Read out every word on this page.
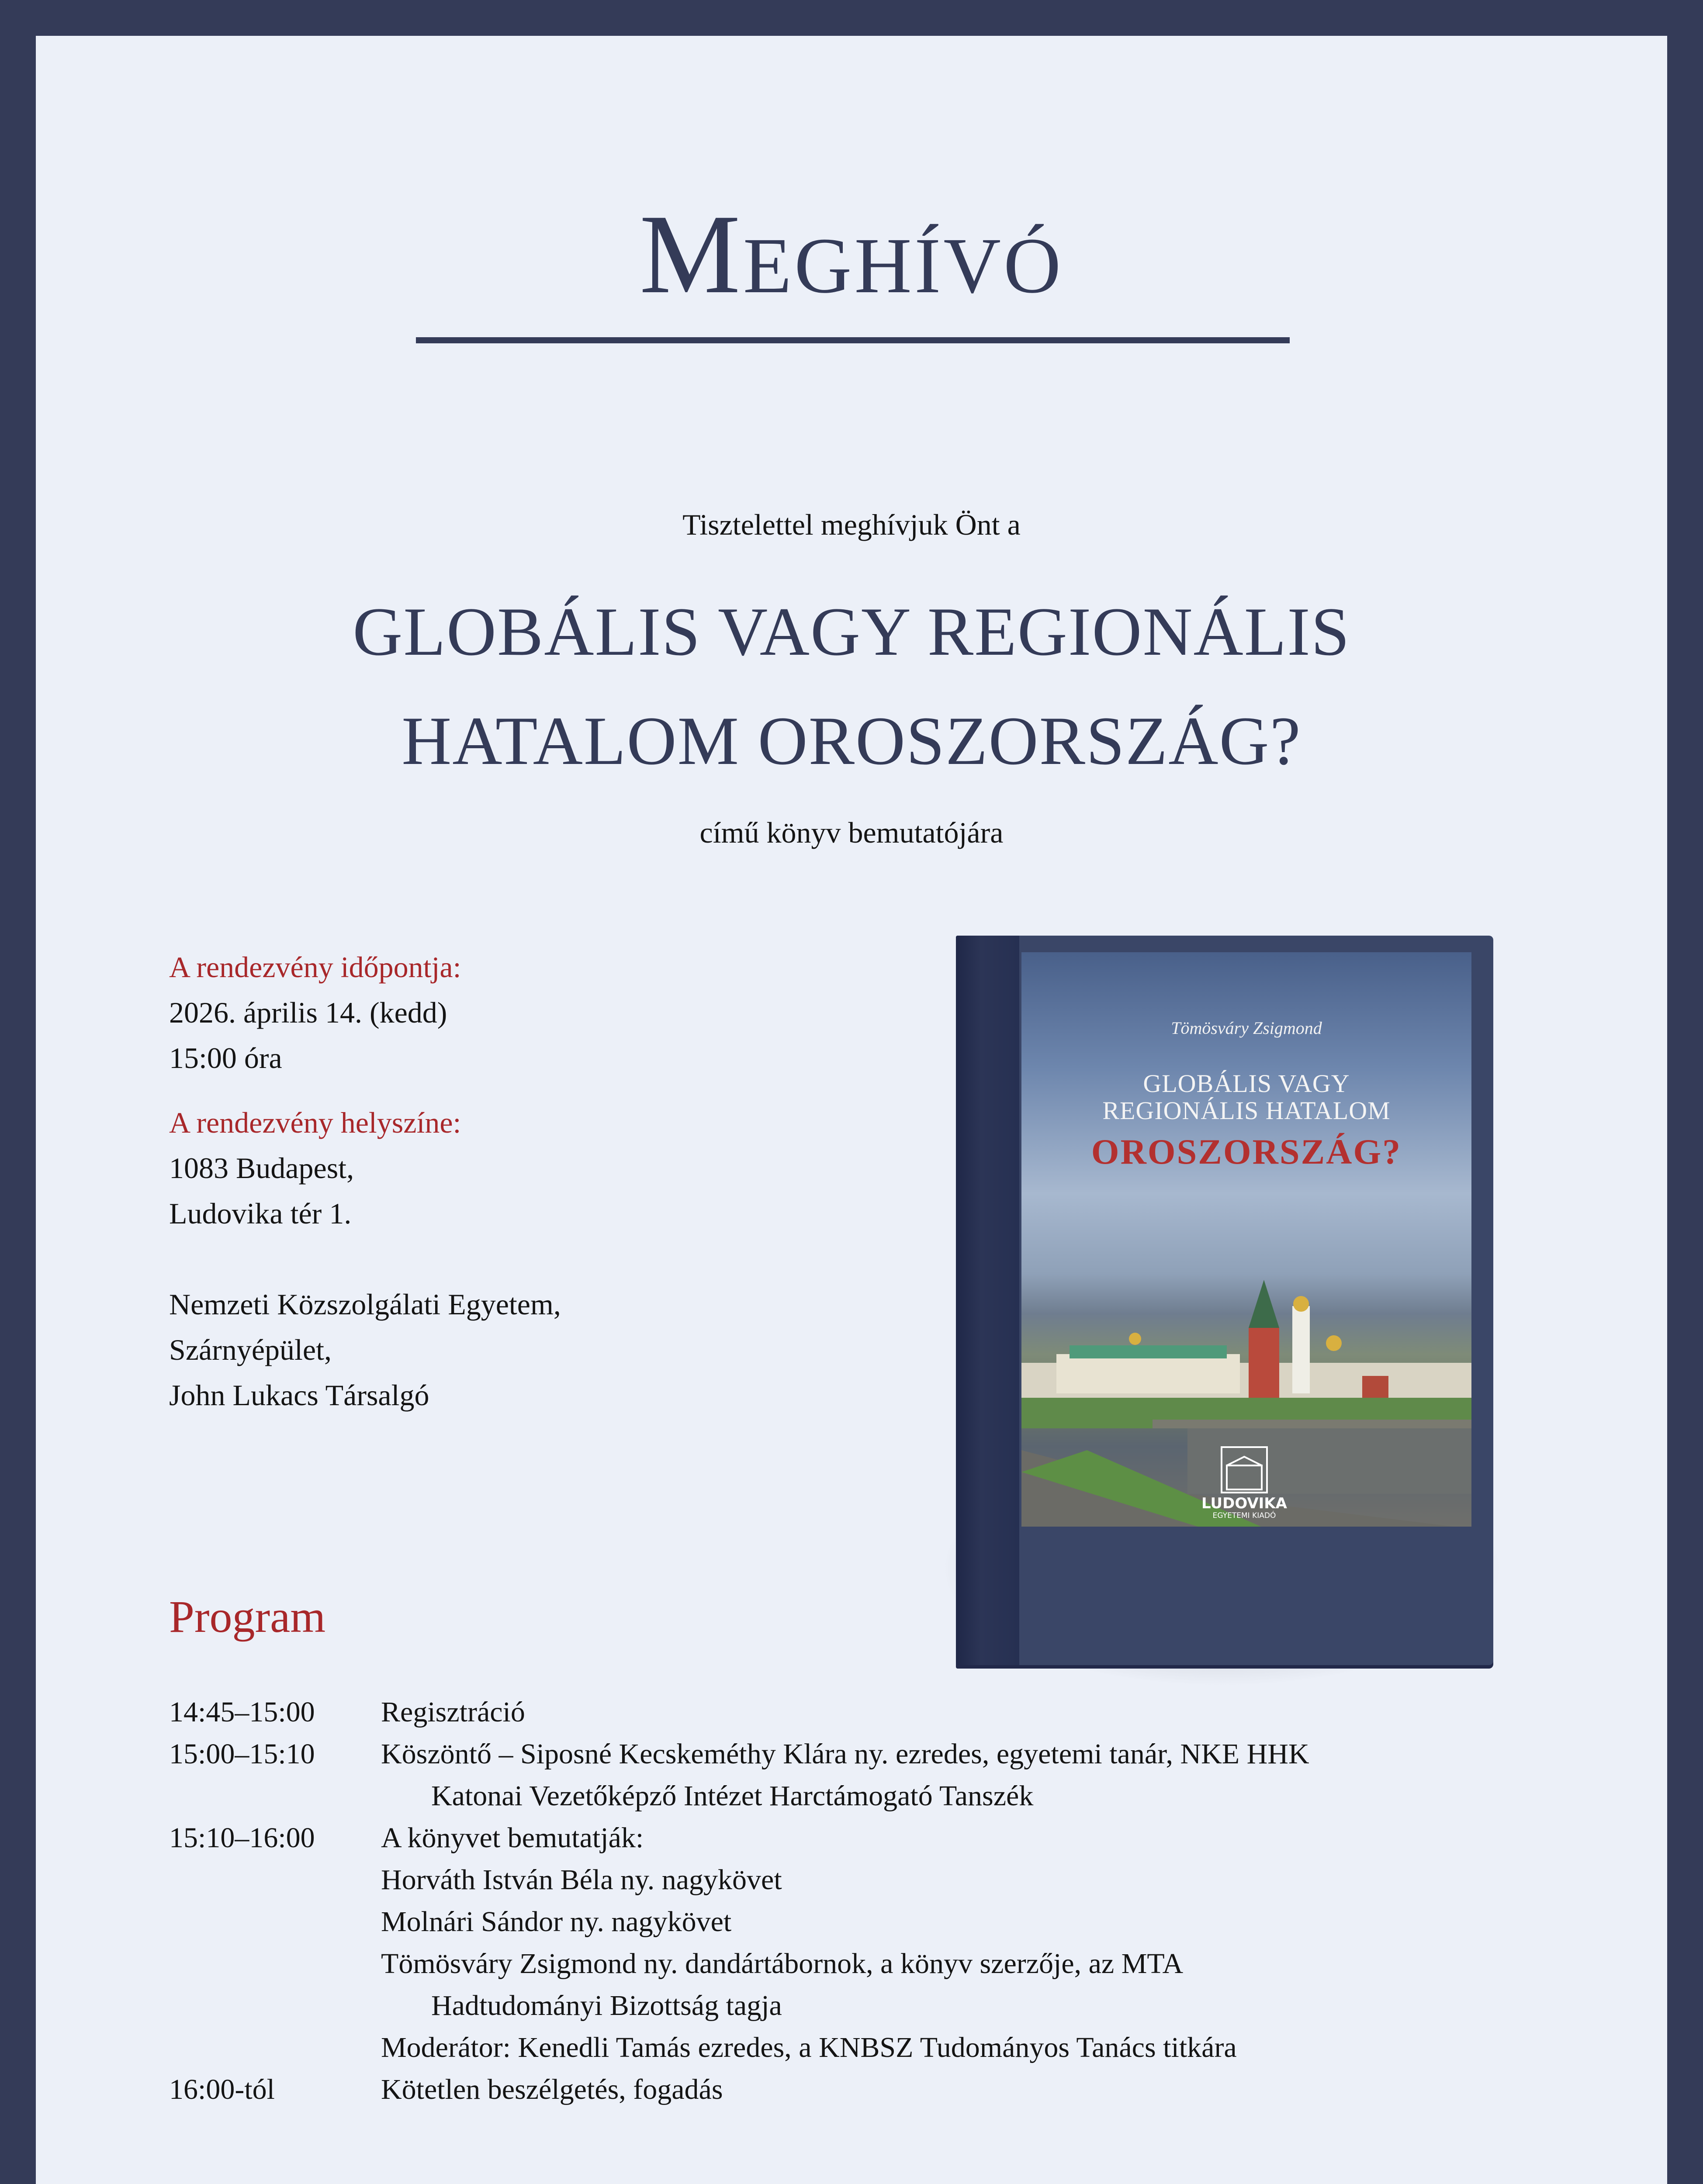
Meghívó
Tisztelettel meghívjuk Önt a
GLOBÁLIS VAGY REGIONÁLIS
HATALOM OROSZORSZÁG?
című könyv bemutatójára
A rendezvény időpontja:
2026. április 14. (kedd)
15:00 óra
A rendezvény helyszíne:
1083 Budapest,
Ludovika tér 1.
Nemzeti Közszolgálati Egyetem,
Szárnyépület,
John Lukacs Társalgó
Tömösváry Zsigmond
GLOBÁLIS VAGY
REGIONÁLIS HATALOM
OROSZORSZÁG?
LUDOVIKA
EGYETEMI KIADÓ
Program
14:45–15:00	Regisztráció
15:00–15:10	Köszöntő – Siposné Kecskeméthy Klára ny. ezredes, egyetemi tanár, NKE HHK
Katonai Vezetőképző Intézet Harctámogató Tanszék
15:10–16:00	A könyvet bemutatják:
Horváth István Béla ny. nagykövet
Molnári Sándor ny. nagykövet
Tömösváry Zsigmond ny. dandártábornok, a könyv szerzője, az MTA
Hadtudományi Bizottság tagja
Moderátor: Kenedli Tamás ezredes, a KNBSZ Tudományos Tanács titkára
16:00-tól	Kötetlen beszélgetés, fogadás
